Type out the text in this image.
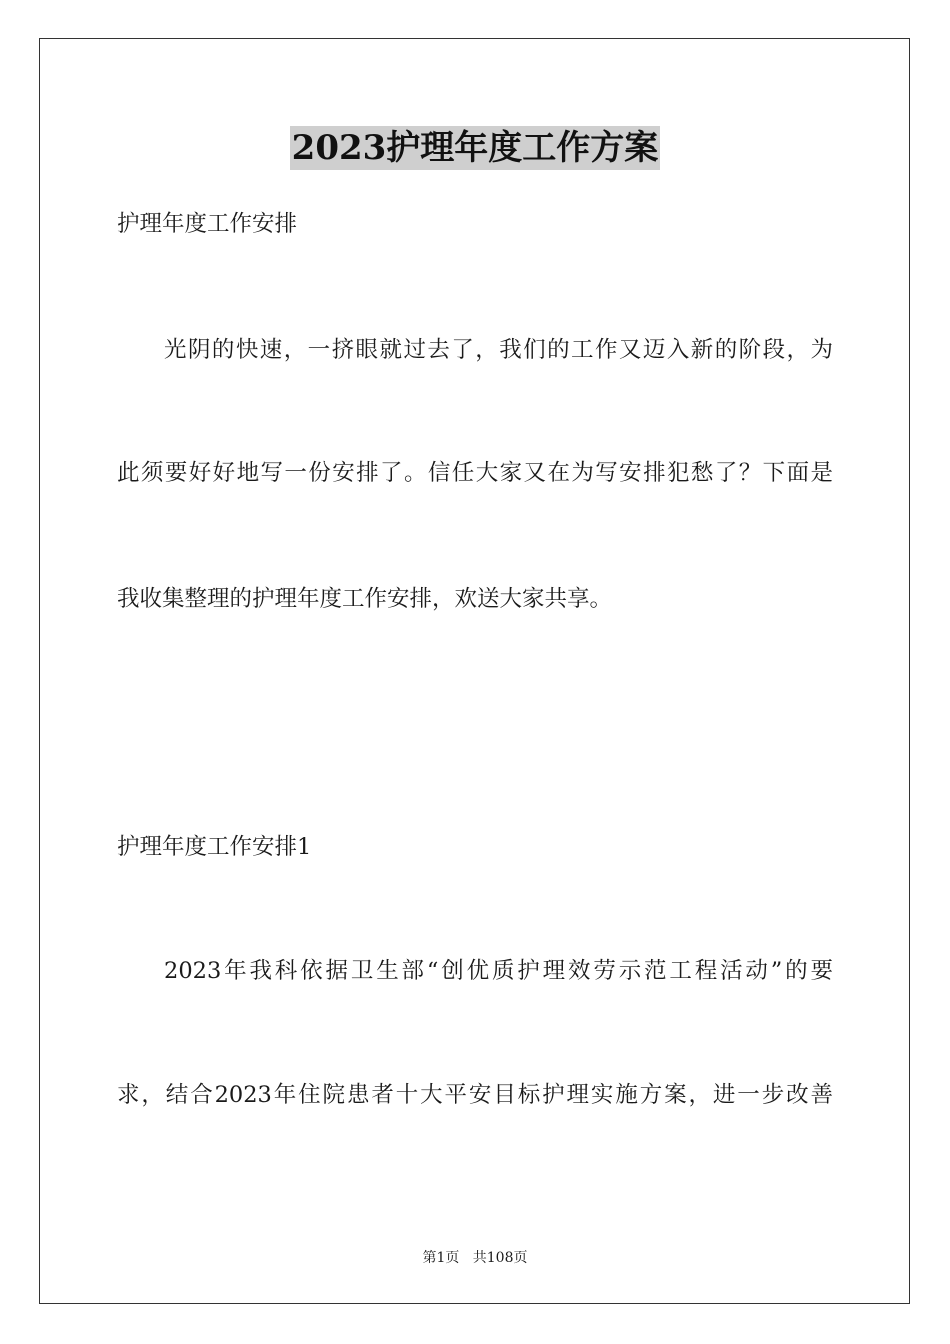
2023护理年度工作方案
护理年度工作安排
光阴的快速，一挤眼就过去了，我们的工作又迈入新的阶段，为
此须要好好地写一份安排了。信任大家又在为写安排犯愁了？下面是
我收集整理的护理年度工作安排，欢送大家共享。
护理年度工作安排1
2023年我科依据卫生部“创优质护理效劳示范工程活动”的要
求，结合2023年住院患者十大平安目标护理实施方案，进一步改善
第1页 共108页
